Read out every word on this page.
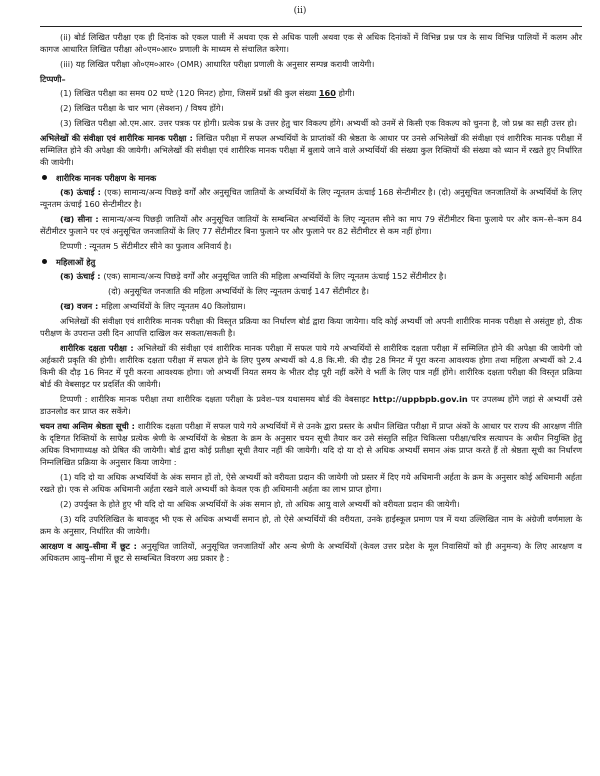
(ii)

(ii) बोर्ड लिखित परीक्षा एक ही दिनांक को एकल पाली में अथवा एक से अधिक पाली अथवा एक से अधिक दिनांकों में विभिन्न प्रश्न पत्र के साथ विभिन्न पालियों में कलम और कागज आधारित लिखित परीक्षा ओ०एम०आर० प्रणाली के माध्यम से संचालित करेगा।

(iii) यह लिखित परीक्षा ओ०एम०आर० (OMR) आधारित परीक्षा प्रणाली के अनुसार सम्पन्न करायी जायेगी।

टिप्पणी–

(1) लिखित परीक्षा का समय 02 घण्टे (120 मिनट) होगा, जिसमें प्रश्नों की कुल संख्या 160 होगी।

(2) लिखित परीक्षा के चार भाग (सेक्शन) / विषय होंगे।

(3) लिखित परीक्षा ओ.एम.आर. उत्तर पत्रक पर होगी। प्रत्येक प्रश्न के उत्तर हेतु चार विकल्प होंगे। अभ्यर्थी को उनमें से किसी एक विकल्प को चुनना है, जो प्रश्न का सही उत्तर हो।

अभिलेखों की संवीक्षा एवं शारीरिक मानक परीक्षा : लिखित परीक्षा में सफल अभ्यर्थियों के प्राप्तांकों की श्रेष्ठता के आधार पर उनसे अभिलेखों की संवीक्षा एवं शारीरिक मानक परीक्षा में सम्मिलित होने की अपेक्षा की जायेगी। अभिलेखों की संवीक्षा एवं शारीरिक मानक परीक्षा में बुलाये जाने वाले अभ्यर्थियों की संख्या कुल रिक्तियों की संख्या को ध्यान में रखते हुए निर्धारित की जायेगी।

शारीरिक मानक परीक्षण के मानक

(क) ऊंचाई : (एक) सामान्य/अन्य पिछड़े वर्गों और अनुसूचित जातियों के अभ्यर्थियों के लिए न्यूनतम ऊंचाई 168 सेन्टीमीटर है। (दो) अनुसूचित जनजातियों के अभ्यर्थियों के लिए न्यूनतम ऊंचाई 160 सेन्टीमीटर है।

(ख) सीना : सामान्य/अन्य पिछड़ी जातियों और अनुसूचित जातियों के सम्बन्धित अभ्यर्थियों के लिए न्यूनतम सीने का माप 79 सेंटीमीटर बिना फुलाये पर और कम–से–कम 84 सेंटीमीटर फुलाने पर एवं अनुसूचित जनजातियों के लिए 77 सेंटीमीटर बिना फुलाने पर और फुलाने पर 82 सेंटीमीटर से कम नहीं होगा।

टिप्पणी : न्यूनतम 5 सेंटीमीटर सीने का फुलाव अनिवार्य है।

महिलाओं हेतु

(क) ऊंचाई : (एक) सामान्य/अन्य पिछड़े वर्गों और अनुसूचित जाति की महिला अभ्यर्थियों के लिए न्यूनतम ऊंचाई 152 सेंटीमीटर है।

(दो) अनुसूचित जनजाति की महिला अभ्यर्थियों के लिए न्यूनतम ऊंचाई 147 सेंटीमीटर है।

(ख) वजन : महिला अभ्यर्थियों के लिए न्यूनतम 40 किलोग्राम।

अभिलेखों की संवीक्षा एवं शारीरिक मानक परीक्षा की विस्तृत प्रक्रिया का निर्धारण बोर्ड द्वारा किया जायेगा। यदि कोई अभ्यर्थी जो अपनी शारीरिक मानक परीक्षा से असंतुष्ट हो, ठीक परीक्षण के उपरान्त उसी दिन आपत्ति दाखिल कर सकता/सकती है।

शारीरिक दक्षता परीक्षा : अभिलेखों की संवीक्षा एवं शारीरिक मानक परीक्षा में सफल पाये गये अभ्यर्थियों से शारीरिक दक्षता परीक्षा में सम्मिलित होने की अपेक्षा की जायेगी जो अर्हकारी प्रकृति की होगी। शारीरिक दक्षता परीक्षा में सफल होने के लिए पुरुष अभ्यर्थी को 4.8 कि.मी. की दौड़ 28 मिनट में पूरा करना आवश्यक होगा तथा महिला अभ्यर्थी को 2.4 किमी की दौड़ 16 मिनट में पूरी करना आवश्यक होगा। जो अभ्यर्थी नियत समय के भीतर दौड़ पूरी नहीं करेंगे वे भर्ती के लिए पात्र नहीं होंगे। शारीरिक दक्षता परीक्षा की विस्तृत प्रक्रिया बोर्ड की वेबसाइट पर प्रदर्शित की जायेगी।

टिप्पणी : शारीरिक मानक परीक्षा तथा शारीरिक दक्षता परीक्षा के प्रवेश–पत्र यथासमय बोर्ड की वेबसाइट http://uppbpb.gov.in पर उपलब्ध होंगे जहां से अभ्यर्थी उसे डाउनलोड कर प्राप्त कर सकेंगे।

चयन तथा अन्तिम श्रेष्ठता सूची : शारीरिक दक्षता परीक्षा में सफल पाये गये अभ्यर्थियों में से उनके द्वारा प्रस्तर के अधीन लिखित परीक्षा में प्राप्त अंकों के आधार पर राज्य की आरक्षण नीति के दृष्टिगत रिक्तियों के सापेक्ष प्रत्येक श्रेणी के अभ्यर्थियों के श्रेष्ठता के क्रम के अनुसार चयन सूची तैयार कर उसे संस्तुति सहित चिकित्सा परीक्षा/चरित्र सत्यापन के अधीन नियुक्ति हेतु अधिक विभागाध्यक्ष को प्रेषित की जायेगी। बोर्ड द्वारा कोई प्रतीक्षा सूची तैयार नहीं की जायेगी। यदि दो या दो से अधिक अभ्यर्थी समान अंक प्राप्त करते हैं तो श्रेष्ठता सूची का निर्धारण निम्नलिखित प्रक्रिया के अनुसार किया जायेगा :

(1) यदि दो या अधिक अभ्यर्थियों के अंक समान हों तो, ऐसे अभ्यर्थी को वरीयता प्रदान की जायेगी जो प्रस्तर में दिए गये अधिमानी अर्हता के क्रम के अनुसार कोई अधिमानी अर्हता रखते हो। एक से अधिक अधिमानी अर्हता रखने वाले अभ्यर्थी को केवल एक ही अधिमानी अर्हता का लाभ प्राप्त होगा।

(2) उपर्युक्त के होते हुए भी यदि दो या अधिक अभ्यर्थियों के अंक समान हो, तो अधिक आयु वाले अभ्यर्थी को वरीयता प्रदान की जायेगी।

(3) यदि उपरिलिखित के बावजूद भी एक से अधिक अभ्यर्थी समान हो, तो ऐसे अभ्यर्थियों की वरीयता, उनके हाईस्कूल प्रमाण पत्र में यथा उल्लिखित नाम के अंग्रेजी वर्णमाला के क्रम के अनुसार, निर्धारित की जायेगी।

आरक्षण व आयु–सीमा में छूट : अनुसूचित जातियों, अनुसूचित जनजातियों और अन्य श्रेणी के अभ्यर्थियों (केवल उत्तर प्रदेश के मूल निवासियों को ही अनुमन्य) के लिए आरक्षण व अधिकतम आयु–सीमा में छूट से सम्बन्धित विवरण अग्र प्रकार है :
